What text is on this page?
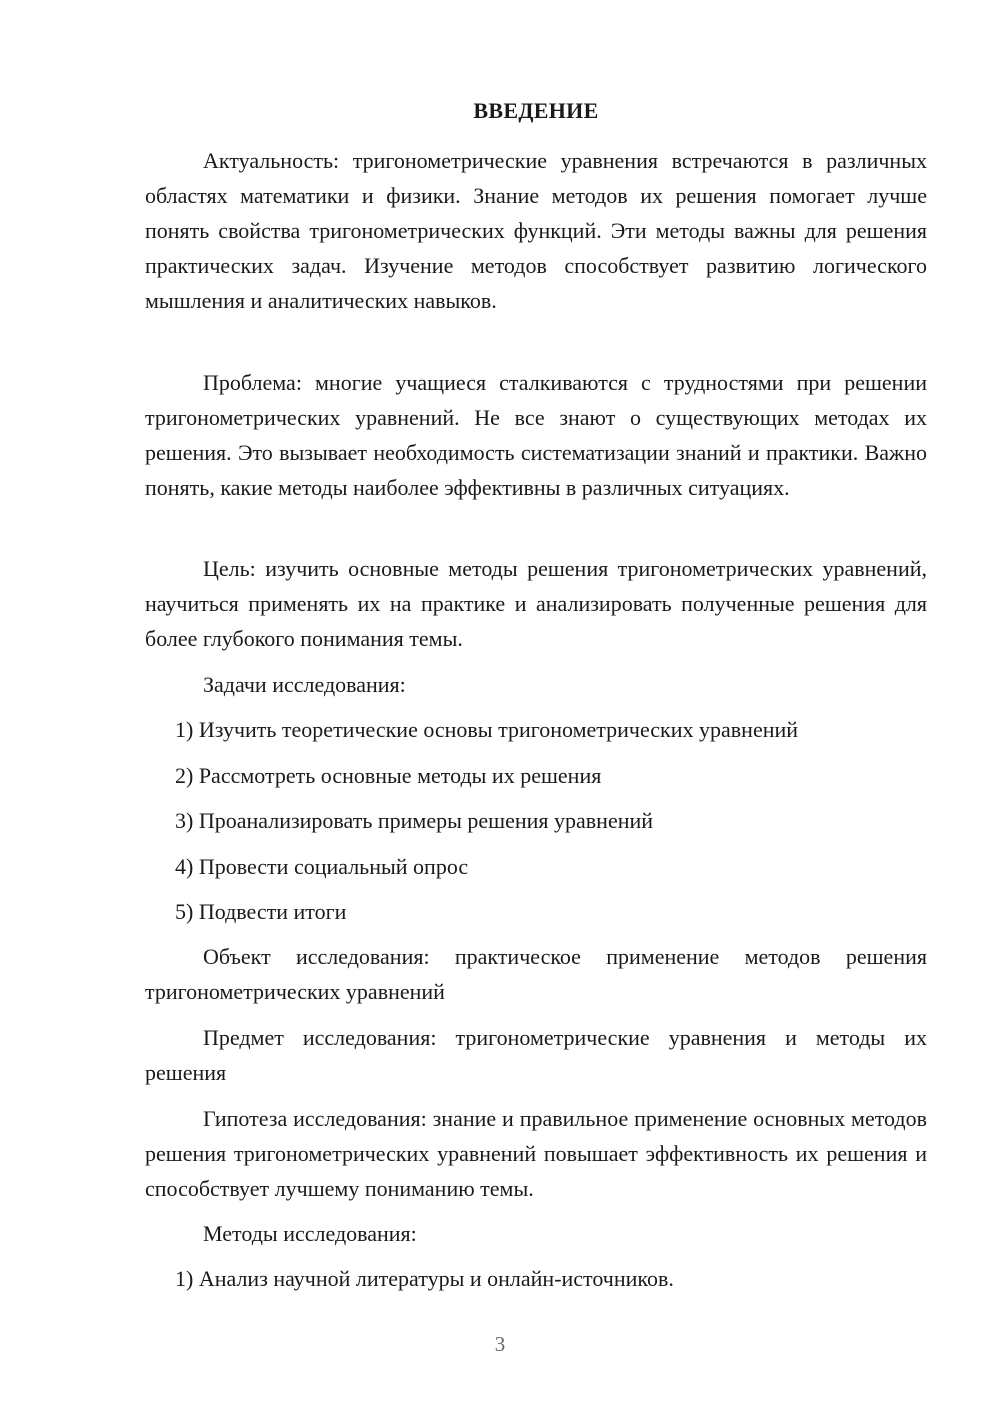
ВВЕДЕНИЕ

Актуальность: тригонометрические уравнения встречаются в различных областях математики и физики. Знание методов их решения помогает лучше понять свойства тригонометрических функций. Эти методы важны для решения практических задач. Изучение методов способствует развитию логического мышления и аналитических навыков.

Проблема: многие учащиеся сталкиваются с трудностями при решении тригонометрических уравнений. Не все знают о существующих методах их решения. Это вызывает необходимость систематизации знаний и практики. Важно понять, какие методы наиболее эффективны в различных ситуациях.

Цель: изучить основные методы решения тригонометрических уравнений, научиться применять их на практике и анализировать полученные решения для более глубокого понимания темы.

Задачи исследования:
1) Изучить теоретические основы тригонометрических уравнений
2) Рассмотреть основные методы их решения
3) Проанализировать примеры решения уравнений
4) Провести социальный опрос
5) Подвести итоги

Объект исследования: практическое применение методов решения тригонометрических уравнений

Предмет исследования: тригонометрические уравнения и методы их решения

Гипотеза исследования: знание и правильное применение основных методов решения тригонометрических уравнений повышает эффективность их решения и способствует лучшему пониманию темы.

Методы исследования:
1) Анализ научной литературы и онлайн-источников.
3
